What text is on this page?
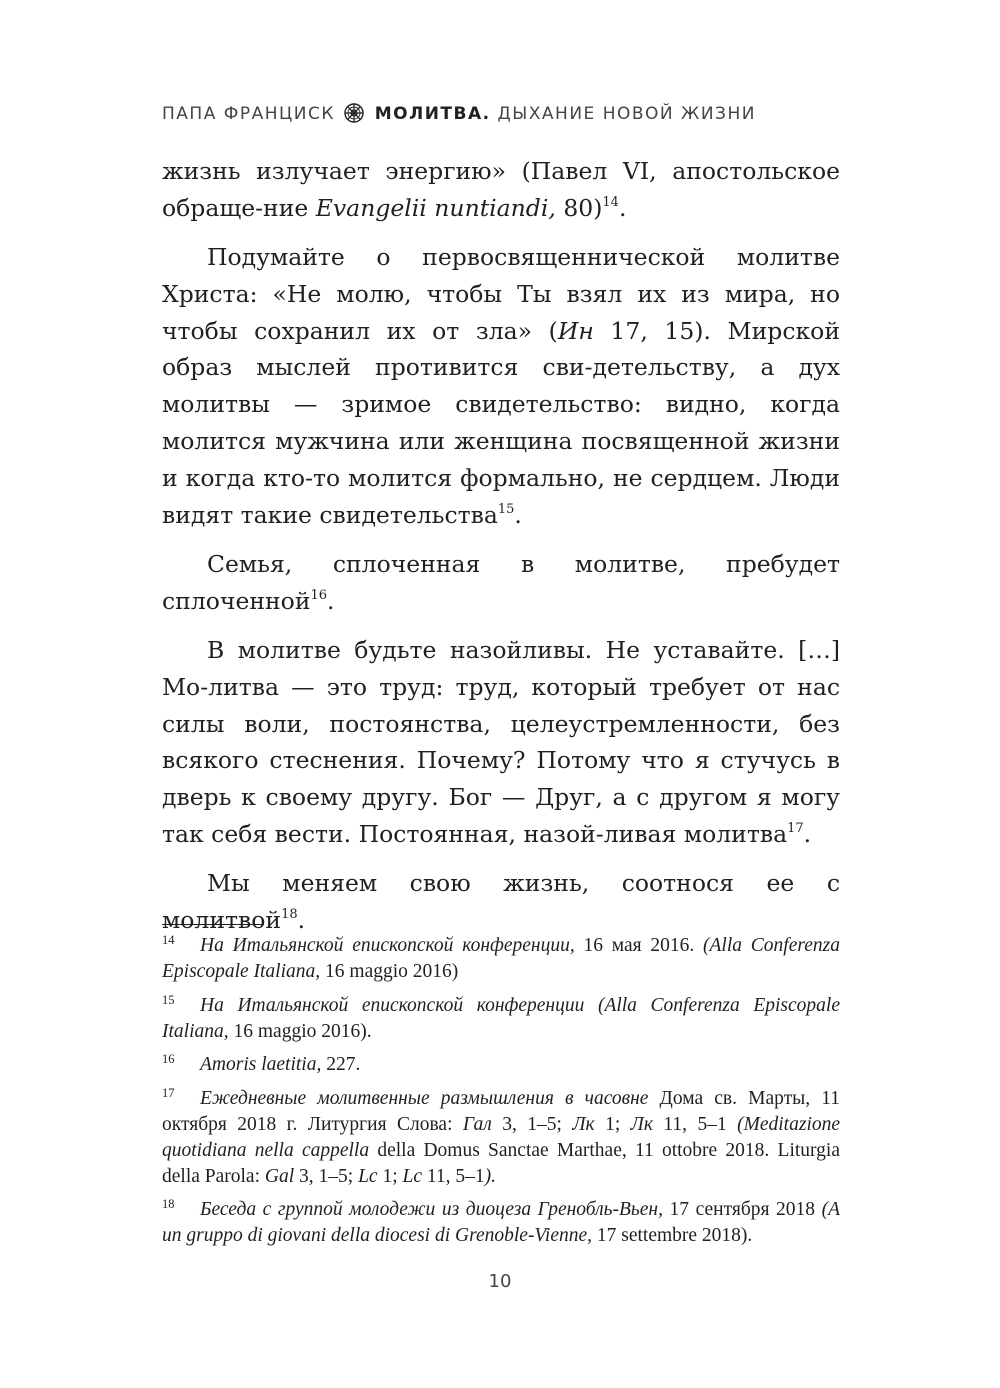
ПАПА ФРАНЦИСК МОЛИТВА. ДЫХАНИЕ НОВОЙ ЖИЗНИ

жизнь излучает энергию» (Павел VI, апостольское обраще-ние Evangelii nuntiandi, 80)$^{14}$.

Подумайте о первосвященнической молитве Христа: «Не молю, чтобы Ты взял их из мира, но чтобы сохранил их от зла» (Ин 17, 15). Мирской образ мыслей противится сви-детельству, а дух молитвы — зримое свидетельство: видно, когда молится мужчина или женщина посвященной жизни и когда кто-то молится формально, не сердцем. Люди видят такие свидетельства$^{15}$.

Семья, сплоченная в молитве, пребудет сплоченной$^{16}$.

В молитве будьте назойливы. Не уставайте. […] Мо-литва — это труд: труд, который требует от нас силы воли, постоянства, целеустремленности, без всякого стеснения. Почему? Потому что я стучусь в дверь к своему другу. Бог — Друг, а с другом я могу так себя вести. Постоянная, назой-ливая молитва$^{17}$.

Мы меняем свою жизнь, соотнося ее с молитвой$^{18}$.

14 На Итальянской епископской конференции, 16 мая 2016. (Alla Conferenza Episcopale Italiana, 16 maggio 2016)
15 На Итальянской епископской конференции (Alla Conferenza Episcopale Italiana, 16 maggio 2016).
16 Amoris laetitia, 227.
17 Ежедневные молитвенные размышления в часовне Дома св. Марты, 11 октября 2018 г. Литургия Слова: Гал 3, 1–5; Лк 1; Лк 11, 5–1 (Meditazione quotidiana nella cappella della Domus Sanctae Marthae, 11 ottobre 2018. Liturgia della Parola: Gal 3, 1–5; Lc 1; Lc 11, 5–1).
18 Беседа с группой молодежи из диоцеза Гренобль-Вьен, 17 сентября 2018 (A un gruppo di giovani della diocesi di Grenoble-Vienne, 17 settembre 2018).
10
